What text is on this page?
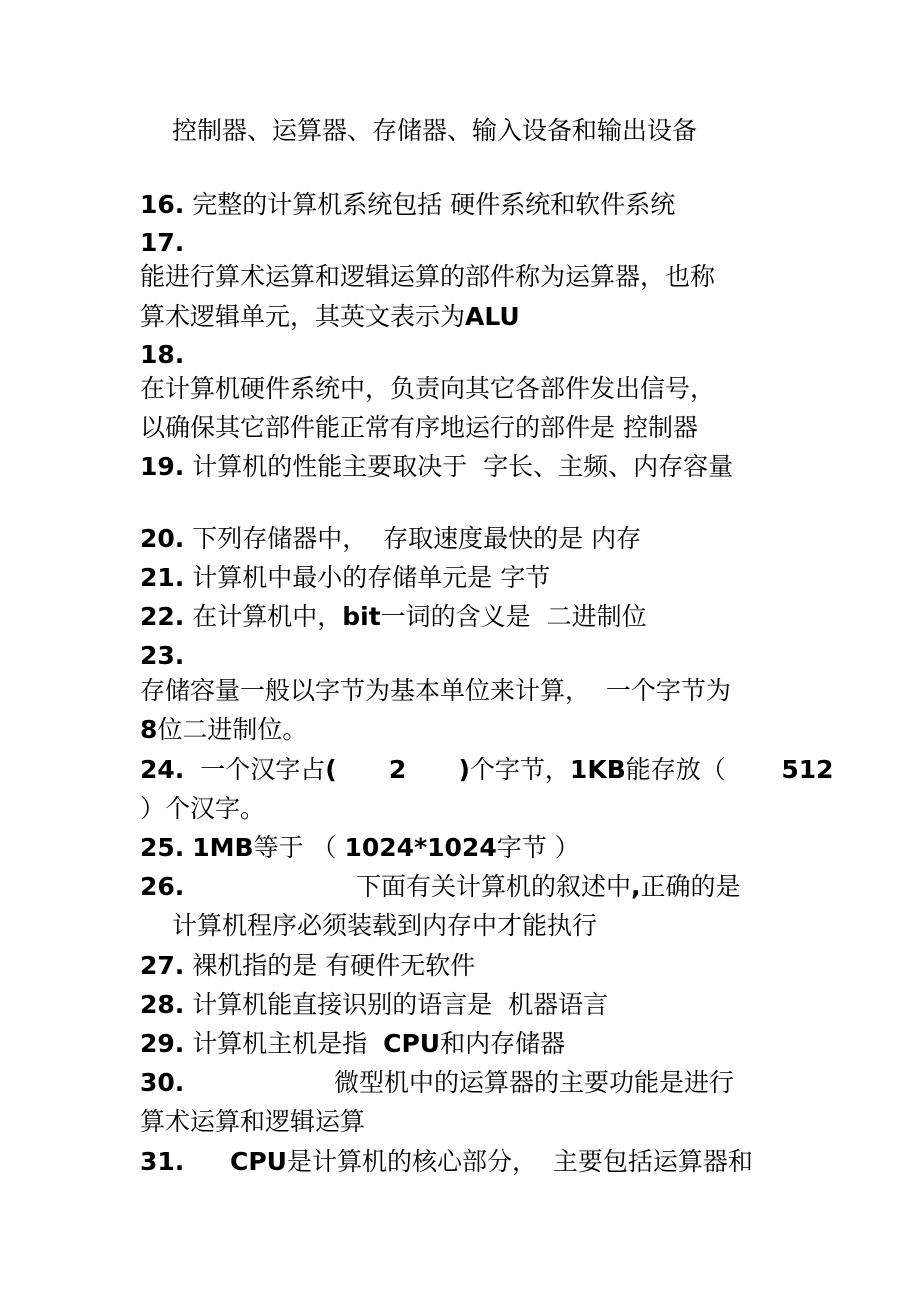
控制器、运算器、存储器、输入设备和输出设备
16. 完整的计算机系统包括 硬件系统和软件系统
17.
能进行算术运算和逻辑运算的部件称为运算器，也称
算术逻辑单元，其英文表示为ALU
18.
在计算机硬件系统中，负责向其它各部件发出信号，
以确保其它部件能正常有序地运行的部件是 控制器
19. 计算机的性能主要取决于  字长、主频、内存容量
20. 下列存储器中，  存取速度最快的是 内存
21. 计算机中最小的存储单元是 字节
22. 在计算机中，bit一词的含义是  二进制位
23.
存储容量一般以字节为基本单位来计算，  一个字节为
8位二进制位。
24.  一个汉字占(      2      )个字节，1KB能存放（       512
）个汉字。
25. 1MB等于 （ 1024*1024字节 ）
26.	下面有关计算机的叙述中,正确的是
计算机程序必须装载到内存中才能执行
27. 裸机指的是 有硬件无软件
28. 计算机能直接识别的语言是  机器语言
29. 计算机主机是指  CPU和内存储器
30.	微型机中的运算器的主要功能是进行
算术运算和逻辑运算
31. CPU是计算机的核心部分，  主要包括运算器和
